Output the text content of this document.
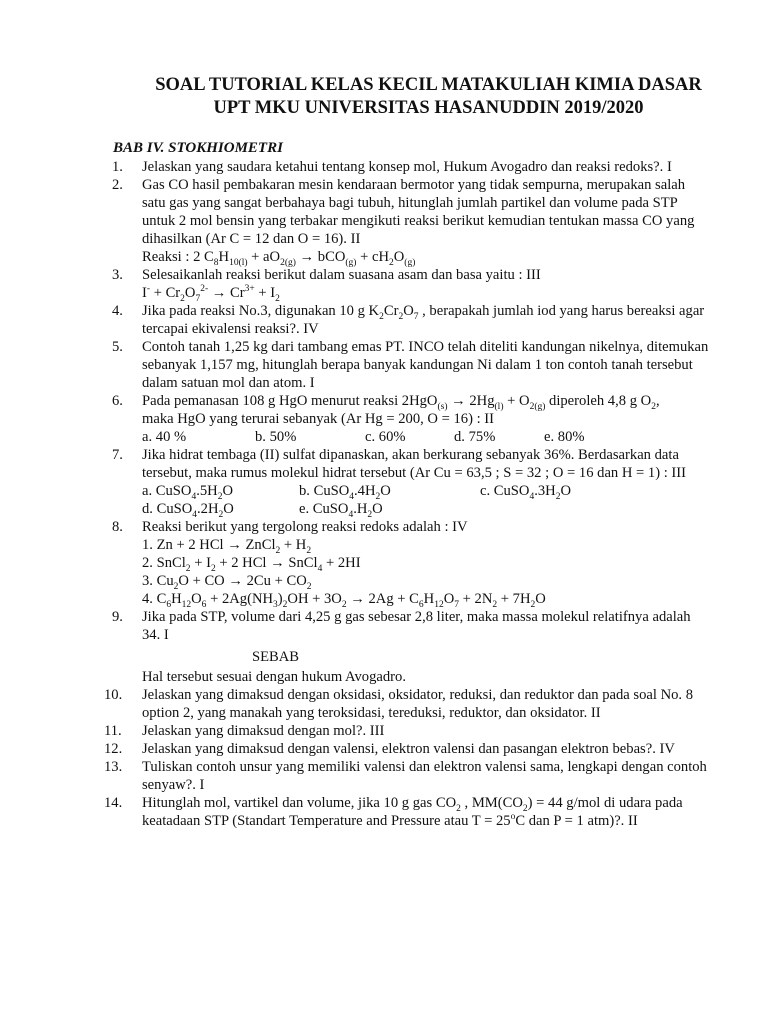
SOAL TUTORIAL KELAS KECIL MATAKULIAH KIMIA DASAR
UPT MKU UNIVERSITAS HASANUDDIN 2019/2020
BAB IV. STOKHIOMETRI
1. Jelaskan yang saudara ketahui tentang konsep mol, Hukum Avogadro dan reaksi redoks?. I
2. Gas CO hasil pembakaran mesin kendaraan bermotor yang tidak sempurna, merupakan salah
satu gas yang sangat berbahaya bagi tubuh, hitunglah jumlah partikel dan volume pada STP
untuk 2 mol bensin yang terbakar mengikuti reaksi berikut kemudian tentukan massa CO yang
dihasilkan (Ar C = 12 dan O = 16). II
Reaksi : 2 $C_8H_{10(l)} + aO_{2(g)} \to bCO_{(g)} + cH_2O_{(g)}$
3. Selesaikanlah reaksi berikut dalam suasana asam dan basa yaitu : III
$I^- + Cr_2O_7^{2-} \to Cr^{3+} + I_2$
4. Jika pada reaksi No.3, digunakan 10 g $K_2Cr_2O_7$ , berapakah jumlah iod yang harus bereaksi agar
tercapai ekivalensi reaksi?. IV
5. Contoh tanah 1,25 kg dari tambang emas PT. INCO telah diteliti kandungan nikelnya, ditemukan
sebanyak 1,157 mg, hitunglah berapa banyak kandungan Ni dalam 1 ton contoh tanah tersebut
dalam satuan mol dan atom. I
6. Pada pemanasan 108 g HgO menurut reaksi $2HgO_{(s)} \to 2Hg_{(l)} + O_{2(g)}$ diperoleh 4,8 g $O_2$,
maka HgO yang terurai sebanyak (Ar Hg = 200, O = 16) : II
a. 40 %	b. 50%	c. 60%	d. 75%	e. 80%
7. Jika hidrat tembaga (II) sulfat dipanaskan, akan berkurang sebanyak 36%. Berdasarkan data
tersebut, maka rumus molekul hidrat tersebut (Ar Cu = 63,5 ; S = 32 ; O = 16 dan H = 1) : III
a. $CuSO_4.5H_2O$	b. $CuSO_4.4H_2O$	c. $CuSO_4.3H_2O$
d. $CuSO_4.2H_2O$	e. $CuSO_4.H_2O$
8. Reaksi berikut yang tergolong reaksi redoks adalah : IV
1. Zn + 2 HCl → ZnCl$_2$ + $H_2$
2. SnCl$_2$ + $I_2 + 2$ HCl → SnCl$_4$ + 2HI
3. $Cu_2O$ + CO → $2Cu + CO_2$
4. $C_6H_{12}O_6 + 2Ag(NH_3)_2OH + 3O_2 \to 2Ag + C_6H_{12}O_7 + 2N_2 + 7H_2O$
9. Jika pada STP, volume dari 4,25 g gas sebesar 2,8 liter, maka massa molekul relatifnya adalah
34. I
SEBAB
Hal tersebut sesuai dengan hukum Avogadro.
10. Jelaskan yang dimaksud dengan oksidasi, oksidator, reduksi, dan reduktor dan pada soal No. 8
option 2, yang manakah yang teroksidasi, tereduksi, reduktor, dan oksidator. II
11. Jelaskan yang dimaksud dengan mol?. III
12. Jelaskan yang dimaksud dengan valensi, elektron valensi dan pasangan elektron bebas?. IV
13. Tuliskan contoh unsur yang memiliki valensi dan elektron valensi sama, lengkapi dengan contoh
senyaw?. I
14. Hitunglah mol, vartikel dan volume, jika 10 g gas $CO_2$ , $MM(CO_2) = 44$ g/mol di udara pada
keatadaan STP (Standart Temperature and Pressure atau $T = 25^oC$ dan P = 1 atm)?. II
